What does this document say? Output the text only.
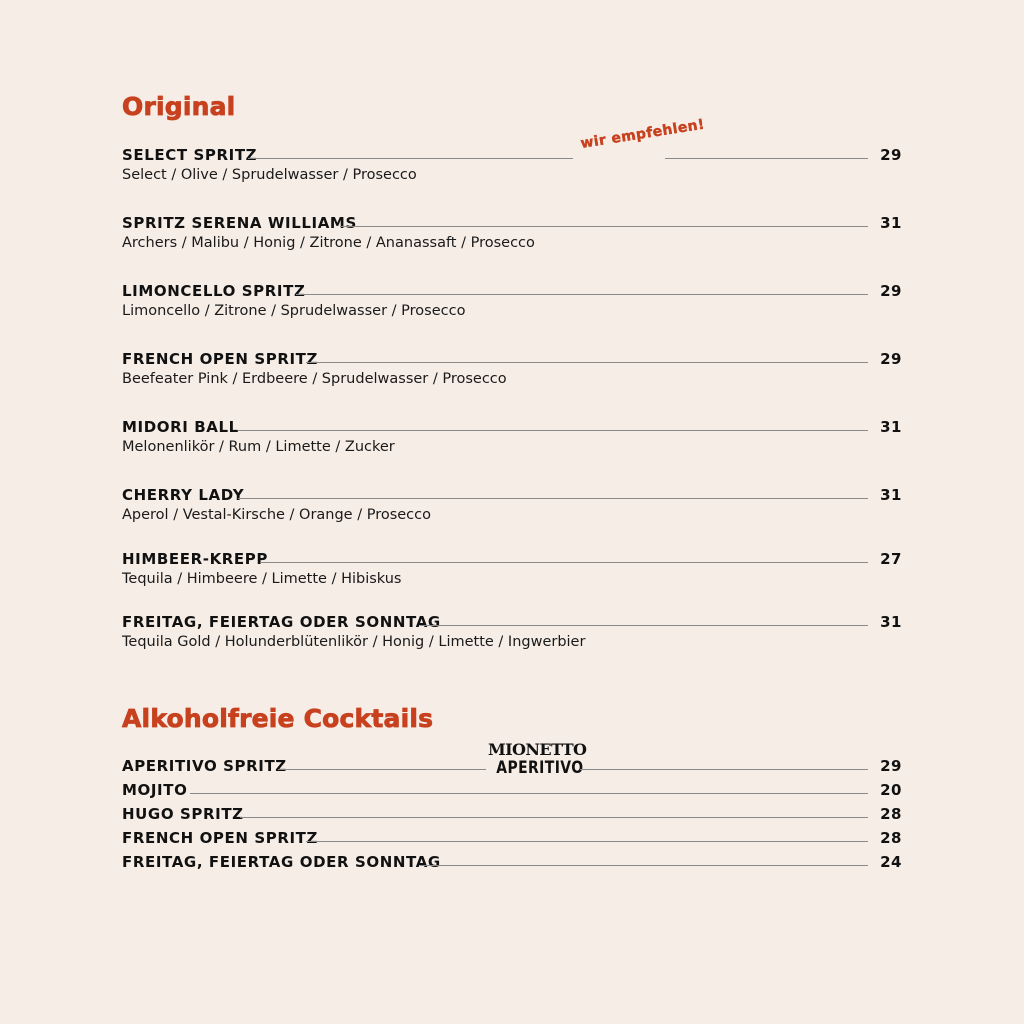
Original
SELECT SPRITZ	29
Select / Olive / Sprudelwasser / Prosecco
wir empfehlen!
SPRITZ SERENA WILLIAMS	31
Archers / Malibu / Honig / Zitrone / Ananassaft / Prosecco
LIMONCELLO SPRITZ	29
Limoncello / Zitrone / Sprudelwasser / Prosecco
FRENCH OPEN SPRITZ	29
Beefeater Pink / Erdbeere / Sprudelwasser / Prosecco
MIDORI BALL	31
Melonenlikör / Rum / Limette / Zucker
CHERRY LADY	31
Aperol / Vestal-Kirsche / Orange / Prosecco
HIMBEER-KREPP	27
Tequila / Himbeere / Limette / Hibiskus
FREITAG, FEIERTAG ODER SONNTAG	31
Tequila Gold / Holunderblütenlikör / Honig / Limette / Ingwerbier
Alkoholfreie Cocktails
MIONETTO
APERITIVO
APERITIVO SPRITZ	29
MOJITO	20
HUGO SPRITZ	28
FRENCH OPEN SPRITZ	28
FREITAG, FEIERTAG ODER SONNTAG	24
